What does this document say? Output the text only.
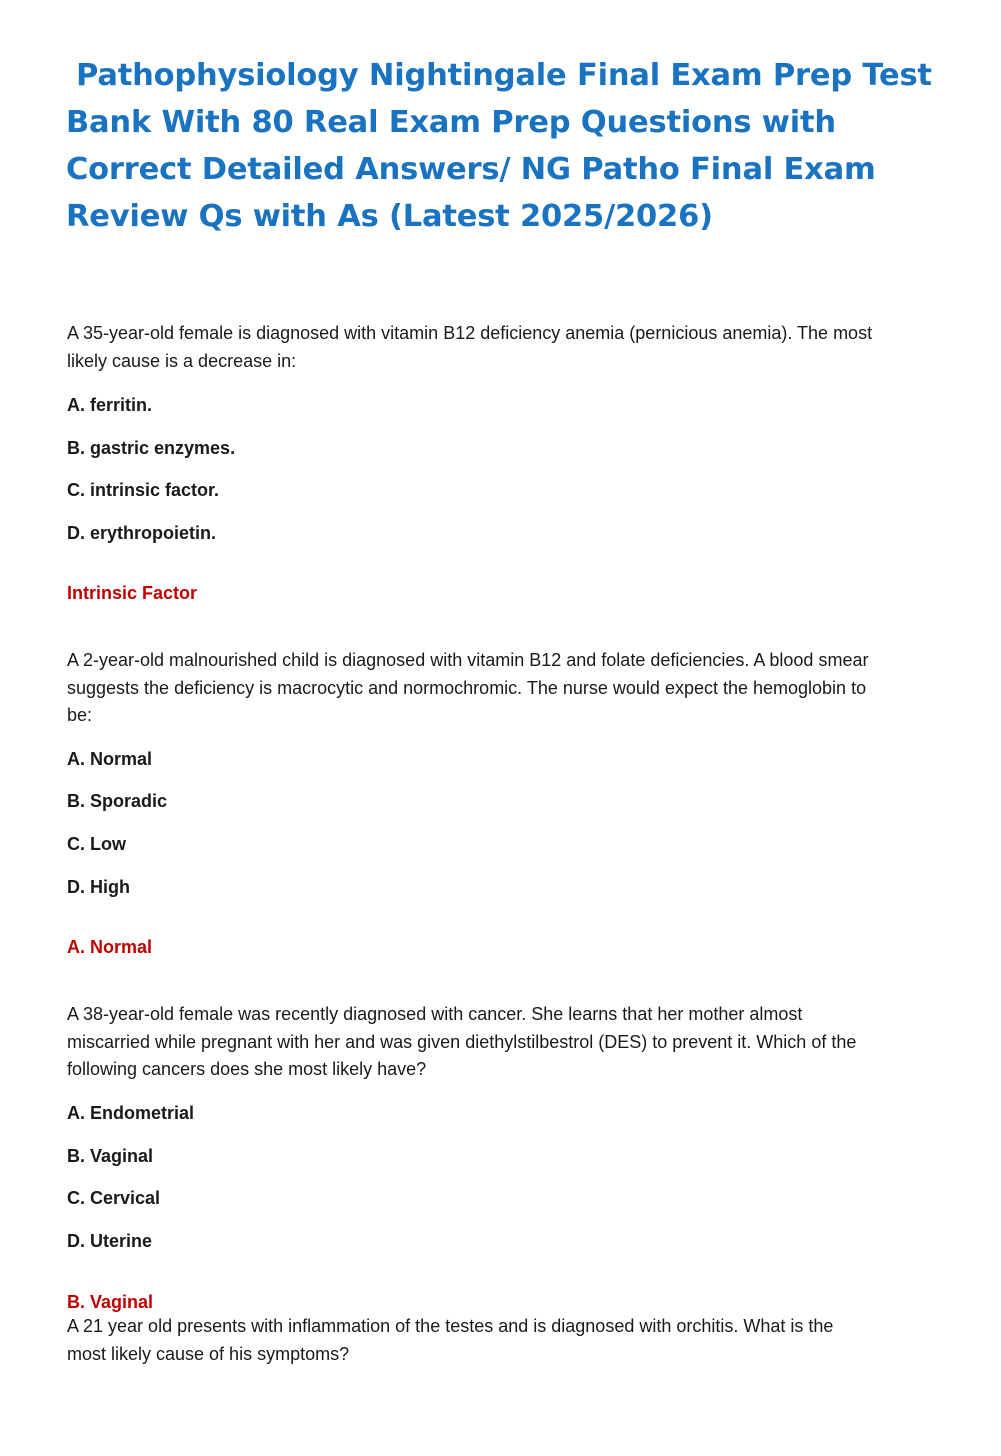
Pathophysiology Nightingale Final Exam Prep Test
Bank With 80 Real Exam Prep Questions with
Correct Detailed Answers/ NG Patho Final Exam
Review Qs with As (Latest 2025/2026)

A 35-year-old female is diagnosed with vitamin B12 deficiency anemia (pernicious anemia). The most
likely cause is a decrease in:

A. ferritin.

B. gastric enzymes.

C. intrinsic factor.

D. erythropoietin.

Intrinsic Factor

A 2-year-old malnourished child is diagnosed with vitamin B12 and folate deficiencies. A blood smear
suggests the deficiency is macrocytic and normochromic. The nurse would expect the hemoglobin to
be:

A. Normal

B. Sporadic

C. Low

D. High

A. Normal

A 38-year-old female was recently diagnosed with cancer. She learns that her mother almost
miscarried while pregnant with her and was given diethylstilbestrol (DES) to prevent it. Which of the
following cancers does she most likely have?

A. Endometrial

B. Vaginal

C. Cervical

D. Uterine

B. Vaginal

A 21 year old presents with inflammation of the testes and is diagnosed with orchitis. What is the
most likely cause of his symptoms?
